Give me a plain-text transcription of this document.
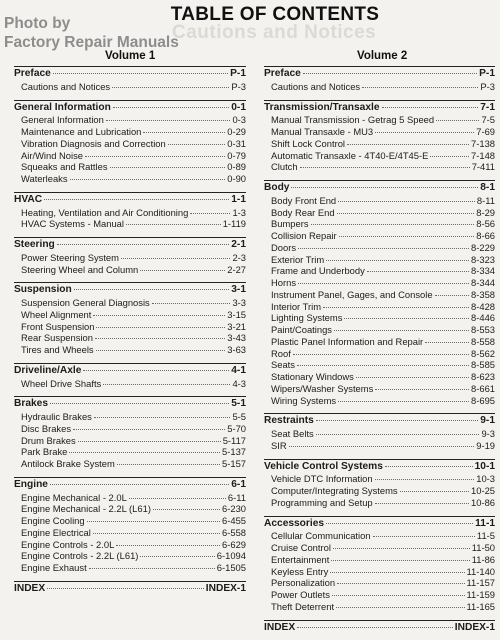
Cautions and Notices
TABLE OF CONTENTS
Photo by
Factory Repair Manuals
Volume 1	Volume 2
Preface	P-1
Cautions and Notices	P-3
General Information	0-1
General Information	0-3
Maintenance and Lubrication	0-29
Vibration Diagnosis and Correction	0-31
Air/Wind Noise	0-79
Squeaks and Rattles	0-89
Waterleaks	0-90
HVAC	1-1
Heating, Ventilation and Air Conditioning	1-3
HVAC Systems - Manual	1-119
Steering	2-1
Power Steering System	2-3
Steering Wheel and Column	2-27
Suspension	3-1
Suspension General Diagnosis	3-3
Wheel Alignment	3-15
Front Suspension	3-21
Rear Suspension	3-43
Tires and Wheels	3-63
Driveline/Axle	4-1
Wheel Drive Shafts	4-3
Brakes	5-1
Hydraulic Brakes	5-5
Disc Brakes	5-70
Drum Brakes	5-117
Park Brake	5-137
Antilock Brake System	5-157
Engine	6-1
Engine Mechanical - 2.0L	6-11
Engine Mechanical - 2.2L (L61)	6-230
Engine Cooling	6-455
Engine Electrical	6-558
Engine Controls - 2.0L	6-629
Engine Controls - 2.2L (L61)	6-1094
Engine Exhaust	6-1505
INDEX	INDEX-1
Preface	P-1
Cautions and Notices	P-3
Transmission/Transaxle	7-1
Manual Transmission - Getrag 5 Speed	7-5
Manual Transaxle - MU3	7-69
Shift Lock Control	7-138
Automatic Transaxle - 4T40-E/4T45-E	7-148
Clutch	7-411
Body	8-1
Body Front End	8-11
Body Rear End	8-29
Bumpers	8-56
Collision Repair	8-66
Doors	8-229
Exterior Trim	8-323
Frame and Underbody	8-334
Horns	8-344
Instrument Panel, Gages, and Console	8-358
Interior Trim	8-428
Lighting Systems	8-446
Paint/Coatings	8-553
Plastic Panel Information and Repair	8-558
Roof	8-562
Seats	8-585
Stationary Windows	8-623
Wipers/Washer Systems	8-661
Wiring Systems	8-695
Restraints	9-1
Seat Belts	9-3
SIR	9-19
Vehicle Control Systems	10-1
Vehicle DTC Information	10-3
Computer/Integrating Systems	10-25
Programming and Setup	10-86
Accessories	11-1
Cellular Communication	11-5
Cruise Control	11-50
Entertainment	11-86
Keyless Entry	11-140
Personalization	11-157
Power Outlets	11-159
Theft Deterrent	11-165
INDEX	INDEX-1
